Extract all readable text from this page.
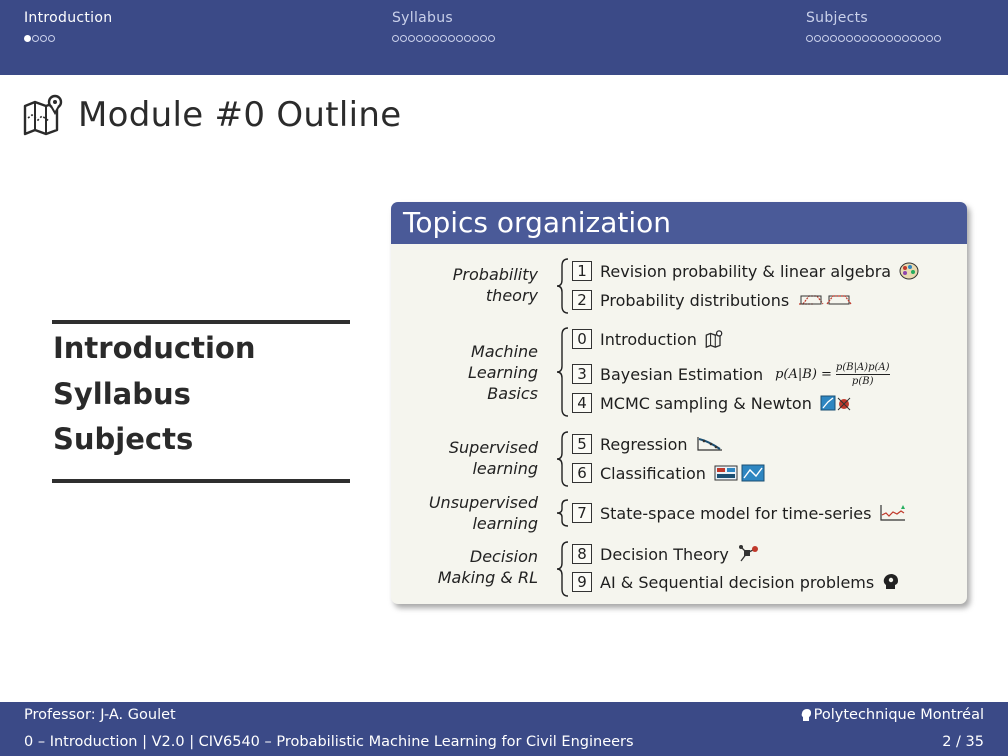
Introduction	Syllabus	Subjects
Module #0 Outline
Introduction
Syllabus
Subjects
Topics organization
Probability
theory
Machine
Learning
Basics
Supervised
learning
Unsupervised
learning
Decision
Making & RL
1 Revision probability & linear algebra
2 Probability distributions
0 Introduction
3 Bayesian Estimation $p(A|B) = \frac{p(B|A)p(A)}{p(B)}$
4 MCMC sampling & Newton
5 Regression
6 Classification
7 State-space model for time-series
8 Decision Theory
9 AI & Sequential decision problems
Professor: J-A. Goulet
0 – Introduction | V2.0 | CIV6540 – Probabilistic Machine Learning for Civil Engineers
Polytechnique Montréal
2 / 35
